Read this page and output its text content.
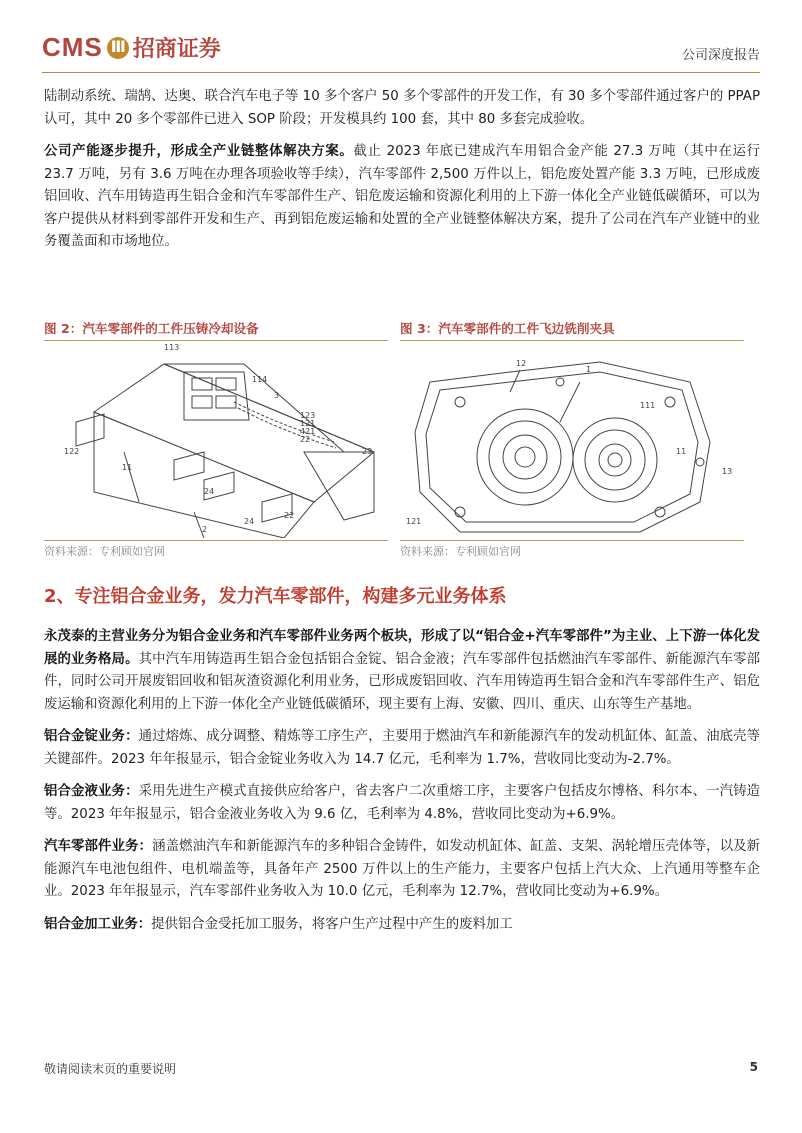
CMS
Ⅲ 招商证券	公司深度报告

陆制动系统、瑞鹄、达奥、联合汽车电子等 10 多个客户 50 多个零部件的开发工作，有 30 多个零部件通过客户的 PPAP 认可，其中 20 多个零部件已进入 SOP 阶段；开发模具约 100 套，其中 80 多套完成验收。

公司产能逐步提升，形成全产业链整体解决方案。截止 2023 年底已建成汽车用铝合金产能 27.3 万吨（其中在运行 23.7 万吨，另有 3.6 万吨在办理各项验收等手续），汽车零部件 2,500 万件以上，铝危废处置产能 3.3 万吨，已形成废铝回收、汽车用铸造再生铝合金和汽车零部件生产、铝危废运输和资源化利用的上下游一体化全产业链低碳循环，可以为客户提供从材料到零部件开发和生产、再到铝危废运输和处置的全产业链整体解决方案，提升了公司在汽车产业链中的业务覆盖面和市场地位。

图 2：汽车零部件的工件压铸冷却设备
113
114
3
123
121
421
22
23
122
11
24
2
24
22
资料来源：专利顾如官网
图 3：汽车零部件的工件飞边铣削夹具
12
1
111
11
13
121
资料来源：专利顾如官网
2、专注铝合金业务，发力汽车零部件，构建多元业务体系

永茂泰的主营业务分为铝合金业务和汽车零部件业务两个板块，形成了以“铝合金+汽车零部件”为主业、上下游一体化发展的业务格局。其中汽车用铸造再生铝合金包括铝合金锭、铝合金液；汽车零部件包括燃油汽车零部件、新能源汽车零部件，同时公司开展废铝回收和铝灰渣资源化利用业务，已形成废铝回收、汽车用铸造再生铝合金和汽车零部件生产、铝危废运输和资源化利用的上下游一体化全产业链低碳循环，现主要有上海、安徽、四川、重庆、山东等生产基地。

铝合金锭业务：通过熔炼、成分调整、精炼等工序生产，主要用于燃油汽车和新能源汽车的发动机缸体、缸盖、油底壳等关键部件。2023 年年报显示，铝合金锭业务收入为 14.7 亿元，毛利率为 1.7%，营收同比变动为-2.7%。

铝合金液业务：采用先进生产模式直接供应给客户，省去客户二次重熔工序，主要客户包括皮尔博格、科尔本、一汽铸造等。2023 年年报显示，铝合金液业务收入为 9.6 亿，毛利率为 4.8%，营收同比变动为+6.9%。

汽车零部件业务：涵盖燃油汽车和新能源汽车的多种铝合金铸件，如发动机缸体、缸盖、支架、涡轮增压壳体等，以及新能源汽车电池包组件、电机端盖等，具备年产 2500 万件以上的生产能力，主要客户包括上汽大众、上汽通用等整车企业。2023 年年报显示，汽车零部件业务收入为 10.0 亿元，毛利率为 12.7%，营收同比变动为+6.9%。

铝合金加工业务：提供铝合金受托加工服务，将客户生产过程中产生的废料加工

敬请阅读末页的重要说明	5
